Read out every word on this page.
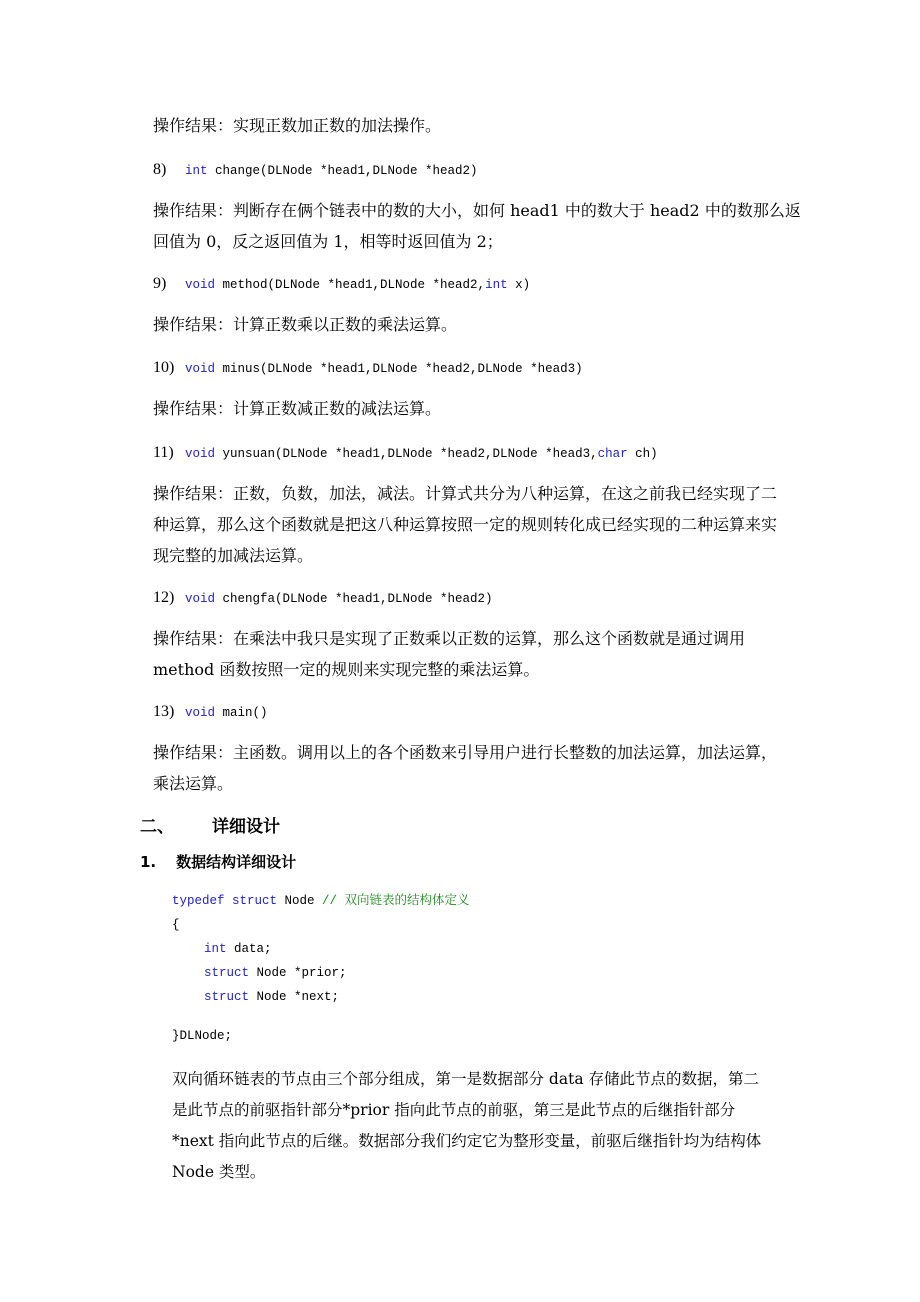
操作结果：实现正数加正数的加法操作。
8) int change(DLNode *head1,DLNode *head2)
操作结果：判断存在俩个链表中的数的大小，如何 head1 中的数大于 head2 中的数那么返
回值为 0，反之返回值为 1，相等时返回值为 2；
9) void method(DLNode *head1,DLNode *head2,int x)
操作结果：计算正数乘以正数的乘法运算。
10) void minus(DLNode *head1,DLNode *head2,DLNode *head3)
操作结果：计算正数减正数的减法运算。
11) void yunsuan(DLNode *head1,DLNode *head2,DLNode *head3,char ch)
操作结果：正数，负数，加法，减法。计算式共分为八种运算，在这之前我已经实现了二
种运算，那么这个函数就是把这八种运算按照一定的规则转化成已经实现的二种运算来实
现完整的加减法运算。
12) void chengfa(DLNode *head1,DLNode *head2)
操作结果：在乘法中我只是实现了正数乘以正数的运算，那么这个函数就是通过调用
method 函数按照一定的规则来实现完整的乘法运算。
13) void main()
操作结果：主函数。调用以上的各个函数来引导用户进行长整数的加法运算，加法运算，
乘法运算。
二、 详细设计
1. 数据结构详细设计
typedef struct Node // 双向链表的结构体定义
{
int data;
struct Node *prior;
struct Node *next;
}DLNode;

双向循环链表的节点由三个部分组成，第一是数据部分 data 存储此节点的数据，第二

是此节点的前驱指针部分*prior 指向此节点的前驱，第三是此节点的后继指针部分

*next 指向此节点的后继。数据部分我们约定它为整形变量，前驱后继指针均为结构体

Node 类型。
